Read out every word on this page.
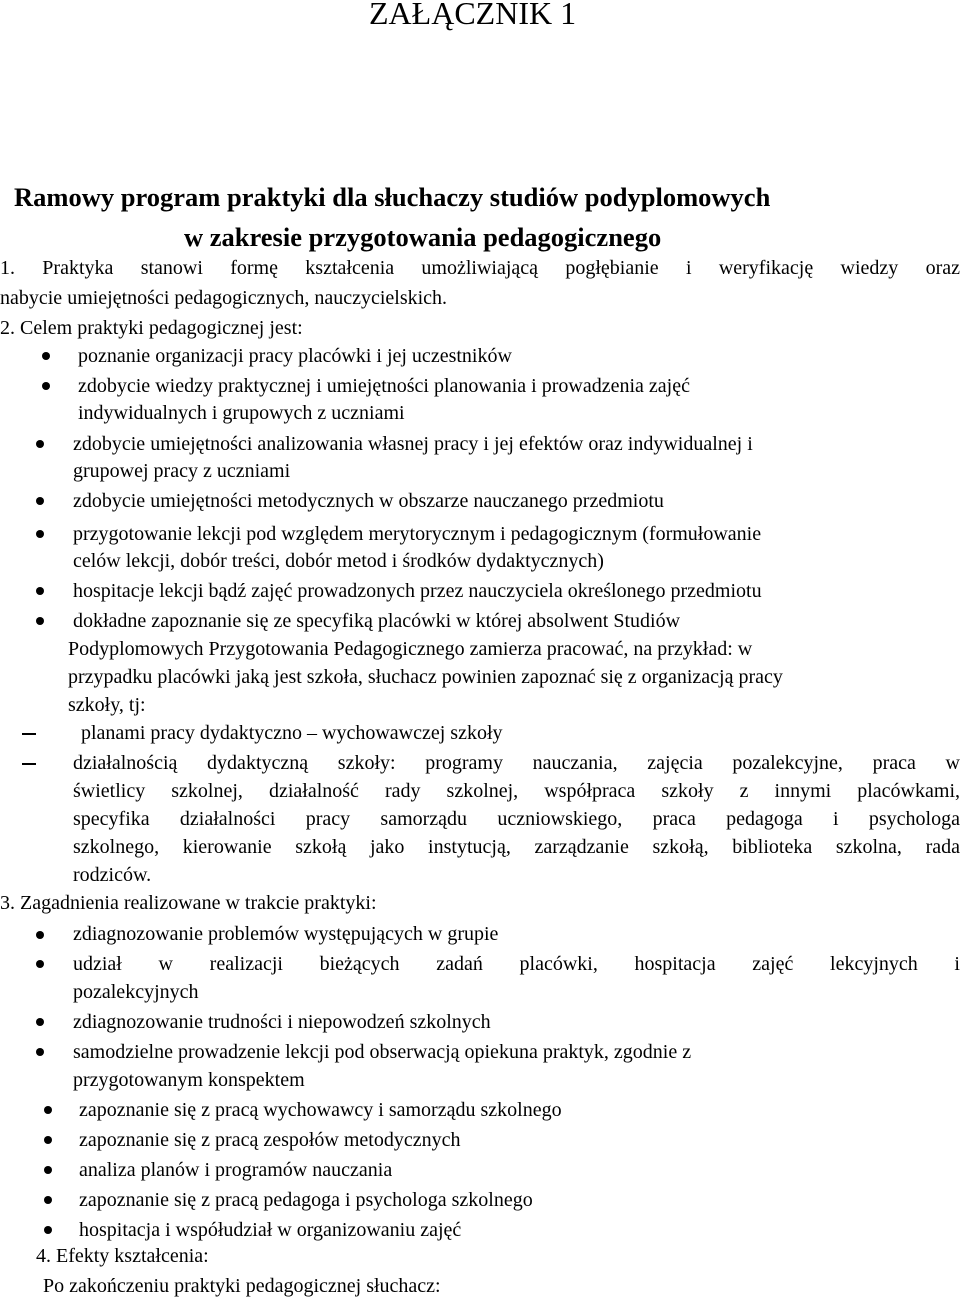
ZAŁĄCZNIK 1
Ramowy program praktyki dla słuchaczy studiów podyplomowych
w zakresie przygotowania pedagogicznego
1. Praktyka stanowi formę kształcenia umożliwiającą pogłębianie i weryfikację wiedzy oraz
nabycie umiejętności pedagogicznych, nauczycielskich.
2. Celem praktyki pedagogicznej jest:
poznanie organizacji pracy placówki i jej uczestników
zdobycie wiedzy praktycznej i umiejętności planowania i prowadzenia zajęć
indywidualnych i grupowych z uczniami
zdobycie umiejętności analizowania własnej pracy i jej efektów oraz indywidualnej i
grupowej pracy z uczniami
zdobycie umiejętności metodycznych w obszarze nauczanego przedmiotu
przygotowanie lekcji pod względem merytorycznym i pedagogicznym (formułowanie
celów lekcji, dobór treści, dobór metod i środków dydaktycznych)
hospitacje lekcji bądź zajęć prowadzonych przez nauczyciela określonego przedmiotu
dokładne zapoznanie się ze specyfiką placówki w której absolwent Studiów
Podyplomowych Przygotowania Pedagogicznego zamierza pracować, na przykład: w
przypadku placówki jaką jest szkoła, słuchacz powinien zapoznać się z organizacją pracy
szkoły, tj:
planami pracy dydaktyczno – wychowawczej szkoły
działalnością dydaktyczną szkoły: programy nauczania, zajęcia pozalekcyjne, praca w
świetlicy szkolnej, działalność rady szkolnej, współpraca szkoły z innymi placówkami,
specyfika działalności pracy samorządu uczniowskiego, praca pedagoga i psychologa
szkolnego, kierowanie szkołą jako instytucją, zarządzanie szkołą, biblioteka szkolna, rada
rodziców.
3. Zagadnienia realizowane w trakcie praktyki:
zdiagnozowanie problemów występujących w grupie
udział w realizacji bieżących zadań placówki, hospitacja zajęć lekcyjnych i
pozalekcyjnych
zdiagnozowanie trudności i niepowodzeń szkolnych
samodzielne prowadzenie lekcji pod obserwacją opiekuna praktyk, zgodnie z
przygotowanym konspektem
zapoznanie się z pracą wychowawcy i samorządu szkolnego
zapoznanie się z pracą zespołów metodycznych
analiza planów i programów nauczania
zapoznanie się z pracą pedagoga i psychologa szkolnego
hospitacja i współudział w organizowaniu zajęć
4. Efekty kształcenia:
Po zakończeniu praktyki pedagogicznej słuchacz:
